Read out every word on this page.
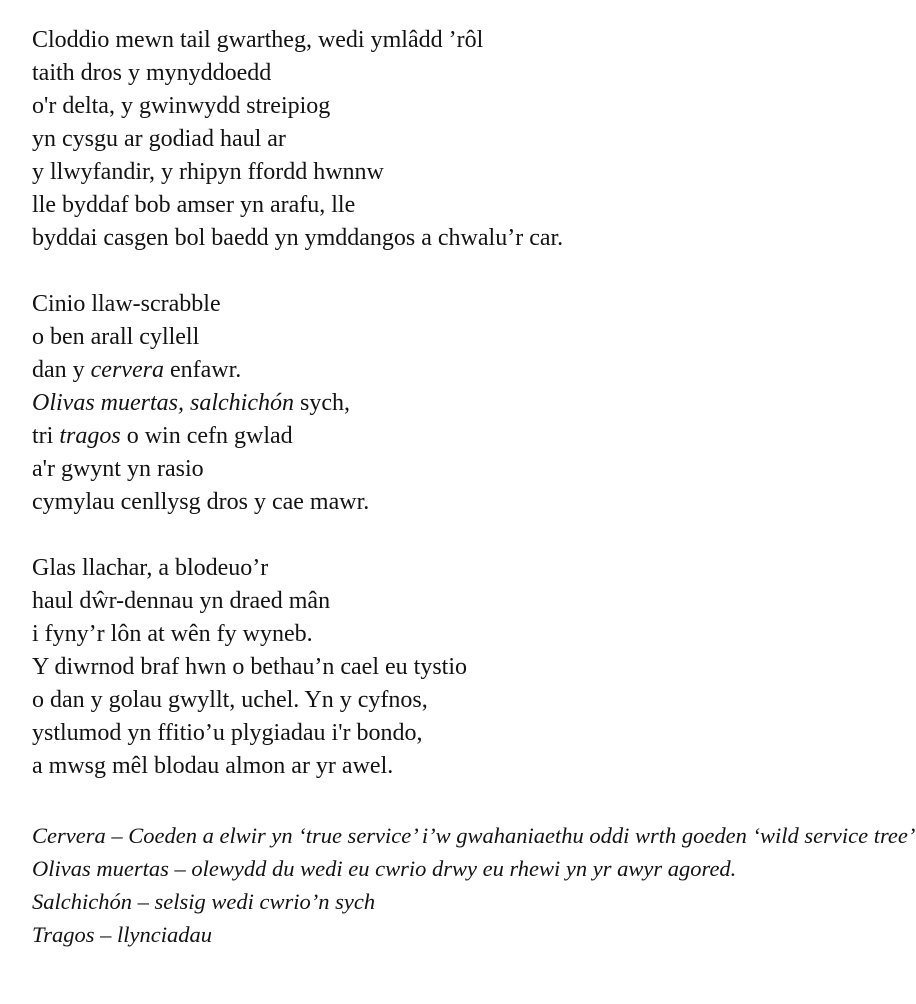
Cloddio mewn tail gwartheg, wedi ymlâdd ’rôl
taith dros y mynyddoedd
o'r delta, y gwinwydd streipiog
yn cysgu ar godiad haul ar
y llwyfandir, y rhipyn ffordd hwnnw
lle byddaf bob amser yn arafu, lle
byddai casgen bol baedd yn ymddangos a chwalu’r car.
Cinio llaw-scrabble
o ben arall cyllell
dan y cervera enfawr.
Olivas muertas, salchichón sych,
tri tragos o win cefn gwlad
a'r gwynt yn rasio
cymylau cenllysg dros y cae mawr.
Glas llachar, a blodeuo’r
haul dŵr-dennau yn draed mân
i fyny’r lôn at wên fy wyneb.
Y diwrnod braf hwn o bethau’n cael eu tystio
o dan y golau gwyllt, uchel. Yn y cyfnos,
ystlumod yn ffitio’u plygiadau i'r bondo,
a mwsg mêl blodau almon ar yr awel.
Cervera – Coeden a elwir yn ‘true service’ i’w gwahaniaethu oddi wrth goeden ‘wild service tree’
Olivas muertas – olewydd du wedi eu cwrio drwy eu rhewi yn yr awyr agored.
Salchichón – selsig wedi cwrio’n sych
Tragos – llynciadau
